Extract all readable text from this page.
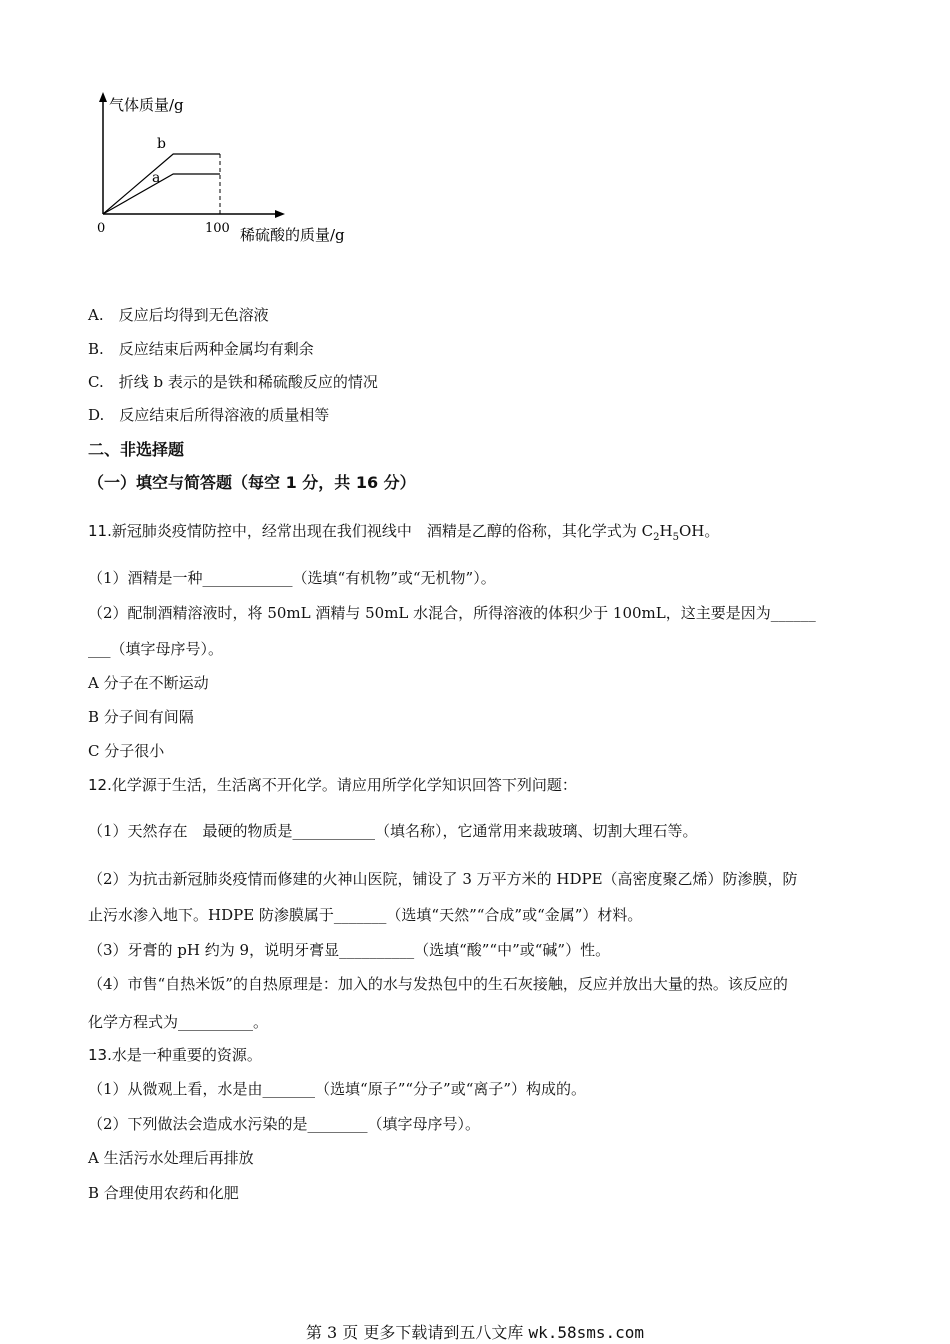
气体质量/g
稀硫酸的质量/g
0	100
b
a
A.　反应后均得到无色溶液
B.　反应结束后两种金属均有剩余
C.　折线 b 表示的是铁和稀硫酸反应的情况
D.　反应结束后所得溶液的质量相等
二、非选择题
（一）填空与简答题（每空 1 分，共 16 分）
11.新冠肺炎疫情防控中，经常出现在我们视线中　酒精是乙醇的俗称，其化学式为 $C_2H_5OH$。
（1）酒精是一种____________（选填“有机物”或“无机物”）。
（2）配制酒精溶液时，将 50mL 酒精与 50mL 水混合，所得溶液的体积少于 100mL，这主要是因为______
___（填字母序号）。
A 分子在不断运动
B 分子间有间隔
C 分子很小
12.化学源于生活，生活离不开化学。请应用所学化学知识回答下列问题：
（1）天然存在　最硬的物质是___________（填名称），它通常用来裁玻璃、切割大理石等。
（2）为抗击新冠肺炎疫情而修建的火神山医院，铺设了 3 万平方米的 HDPE（高密度聚乙烯）防渗膜，防
止污水渗入地下。HDPE 防渗膜属于_______（选填“天然”“合成”或“金属”）材料。
（3）牙膏的 pH 约为 9，说明牙膏显__________（选填“酸”“中”或“碱”）性。
（4）市售“自热米饭”的自热原理是：加入的水与发热包中的生石灰接触，反应并放出大量的热。该反应的
化学方程式为__________。
13.水是一种重要的资源。
（1）从微观上看，水是由_______（选填“原子”“分子”或“离子”）构成的。
（2）下列做法会造成水污染的是________（填字母序号）。
A 生活污水处理后再排放
B 合理使用农药和化肥
第 3 页 更多下载请到五八文库 wk.58sms.com
